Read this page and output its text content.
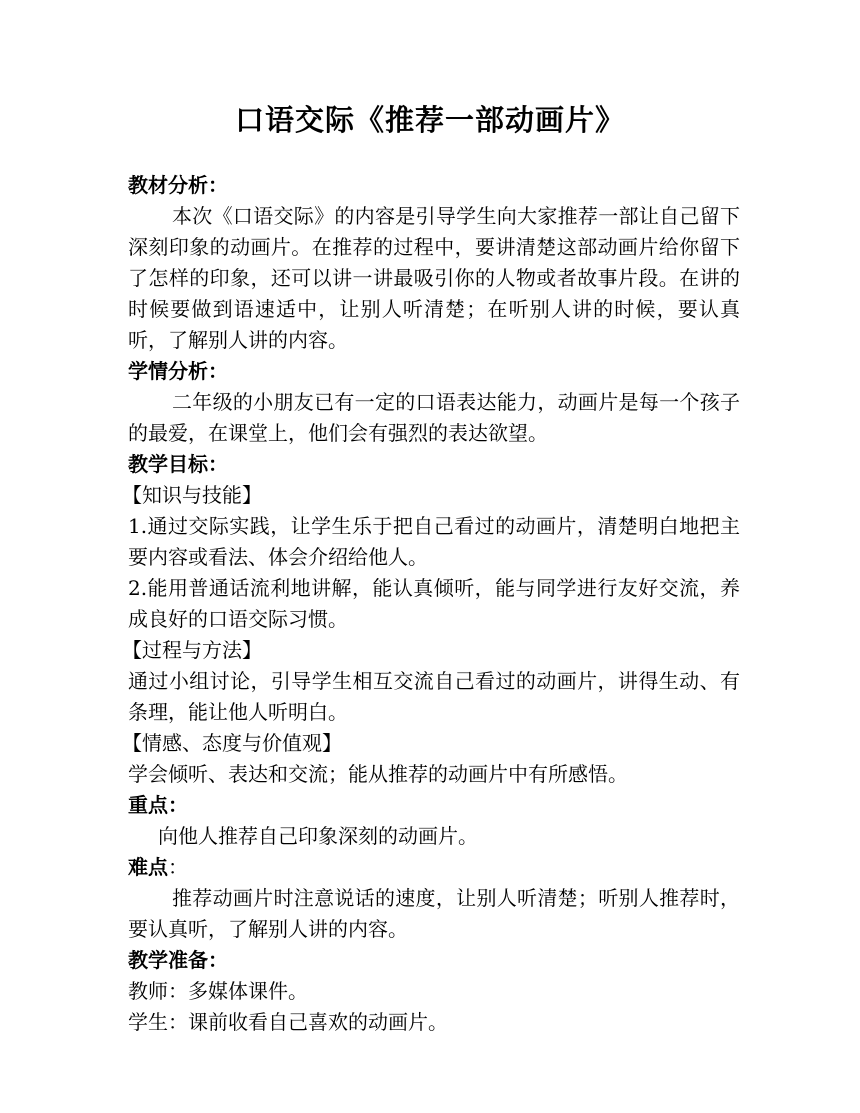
口语交际《推荐一部动画片》
教材分析：
本次《口语交际》的内容是引导学生向大家推荐一部让自己留下深刻印象的动画片。在推荐的过程中，要讲清楚这部动画片给你留下了怎样的印象，还可以讲一讲最吸引你的人物或者故事片段。在讲的时候要做到语速适中，让别人听清楚；在听别人讲的时候，要认真听，了解别人讲的内容。
学情分析：
二年级的小朋友已有一定的口语表达能力，动画片是每一个孩子的最爱，在课堂上，他们会有强烈的表达欲望。
教学目标：
【知识与技能】
1.通过交际实践，让学生乐于把自己看过的动画片，清楚明白地把主要内容或看法、体会介绍给他人。
2.能用普通话流利地讲解，能认真倾听，能与同学进行友好交流，养成良好的口语交际习惯。
【过程与方法】
通过小组讨论，引导学生相互交流自己看过的动画片，讲得生动、有条理，能让他人听明白。
【情感、态度与价值观】
学会倾听、表达和交流；能从推荐的动画片中有所感悟。
重点：
向他人推荐自己印象深刻的动画片。
难点：
推荐动画片时注意说话的速度，让别人听清楚；听别人推荐时，要认真听，了解别人讲的内容。
教学准备：
教师：多媒体课件。
学生：课前收看自己喜欢的动画片。
